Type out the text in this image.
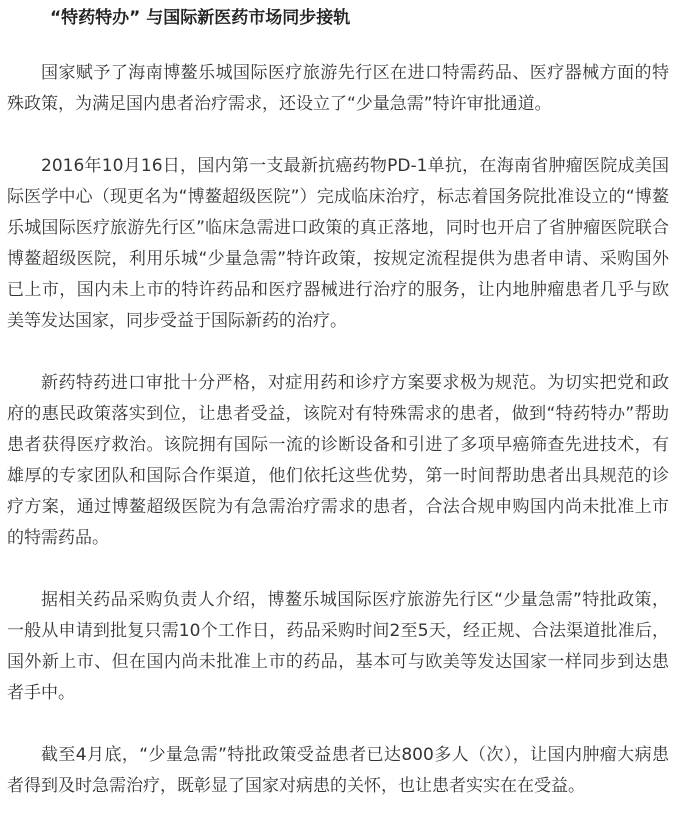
“特药特办” 与国际新医药市场同步接轨

国家赋予了海南博鳌乐城国际医疗旅游先行区在进口特需药品、医疗器械方面的特殊政策，为满足国内患者治疗需求，还设立了“少量急需”特许审批通道。

2016年10月16日，国内第一支最新抗癌药物PD-1单抗，在海南省肿瘤医院成美国际医学中心（现更名为“博鳌超级医院”）完成临床治疗，标志着国务院批准设立的“博鳌乐城国际医疗旅游先行区”临床急需进口政策的真正落地，同时也开启了省肿瘤医院联合博鳌超级医院，利用乐城“少量急需”特许政策，按规定流程提供为患者申请、采购国外已上市，国内未上市的特许药品和医疗器械进行治疗的服务，让内地肿瘤患者几乎与欧美等发达国家，同步受益于国际新药的治疗。

新药特药进口审批十分严格，对症用药和诊疗方案要求极为规范。为切实把党和政府的惠民政策落实到位，让患者受益，该院对有特殊需求的患者，做到“特药特办”帮助患者获得医疗救治。该院拥有国际一流的诊断设备和引进了多项早癌筛查先进技术，有雄厚的专家团队和国际合作渠道，他们依托这些优势，第一时间帮助患者出具规范的诊疗方案，通过博鳌超级医院为有急需治疗需求的患者，合法合规申购国内尚未批准上市的特需药品。

据相关药品采购负责人介绍，博鳌乐城国际医疗旅游先行区“少量急需”特批政策，一般从申请到批复只需10个工作日，药品采购时间2至5天，经正规、合法渠道批准后，国外新上市、但在国内尚未批准上市的药品，基本可与欧美等发达国家一样同步到达患者手中。

截至4月底，“少量急需”特批政策受益患者已达800多人（次），让国内肿瘤大病患者得到及时急需治疗，既彰显了国家对病患的关怀，也让患者实实在在受益。
